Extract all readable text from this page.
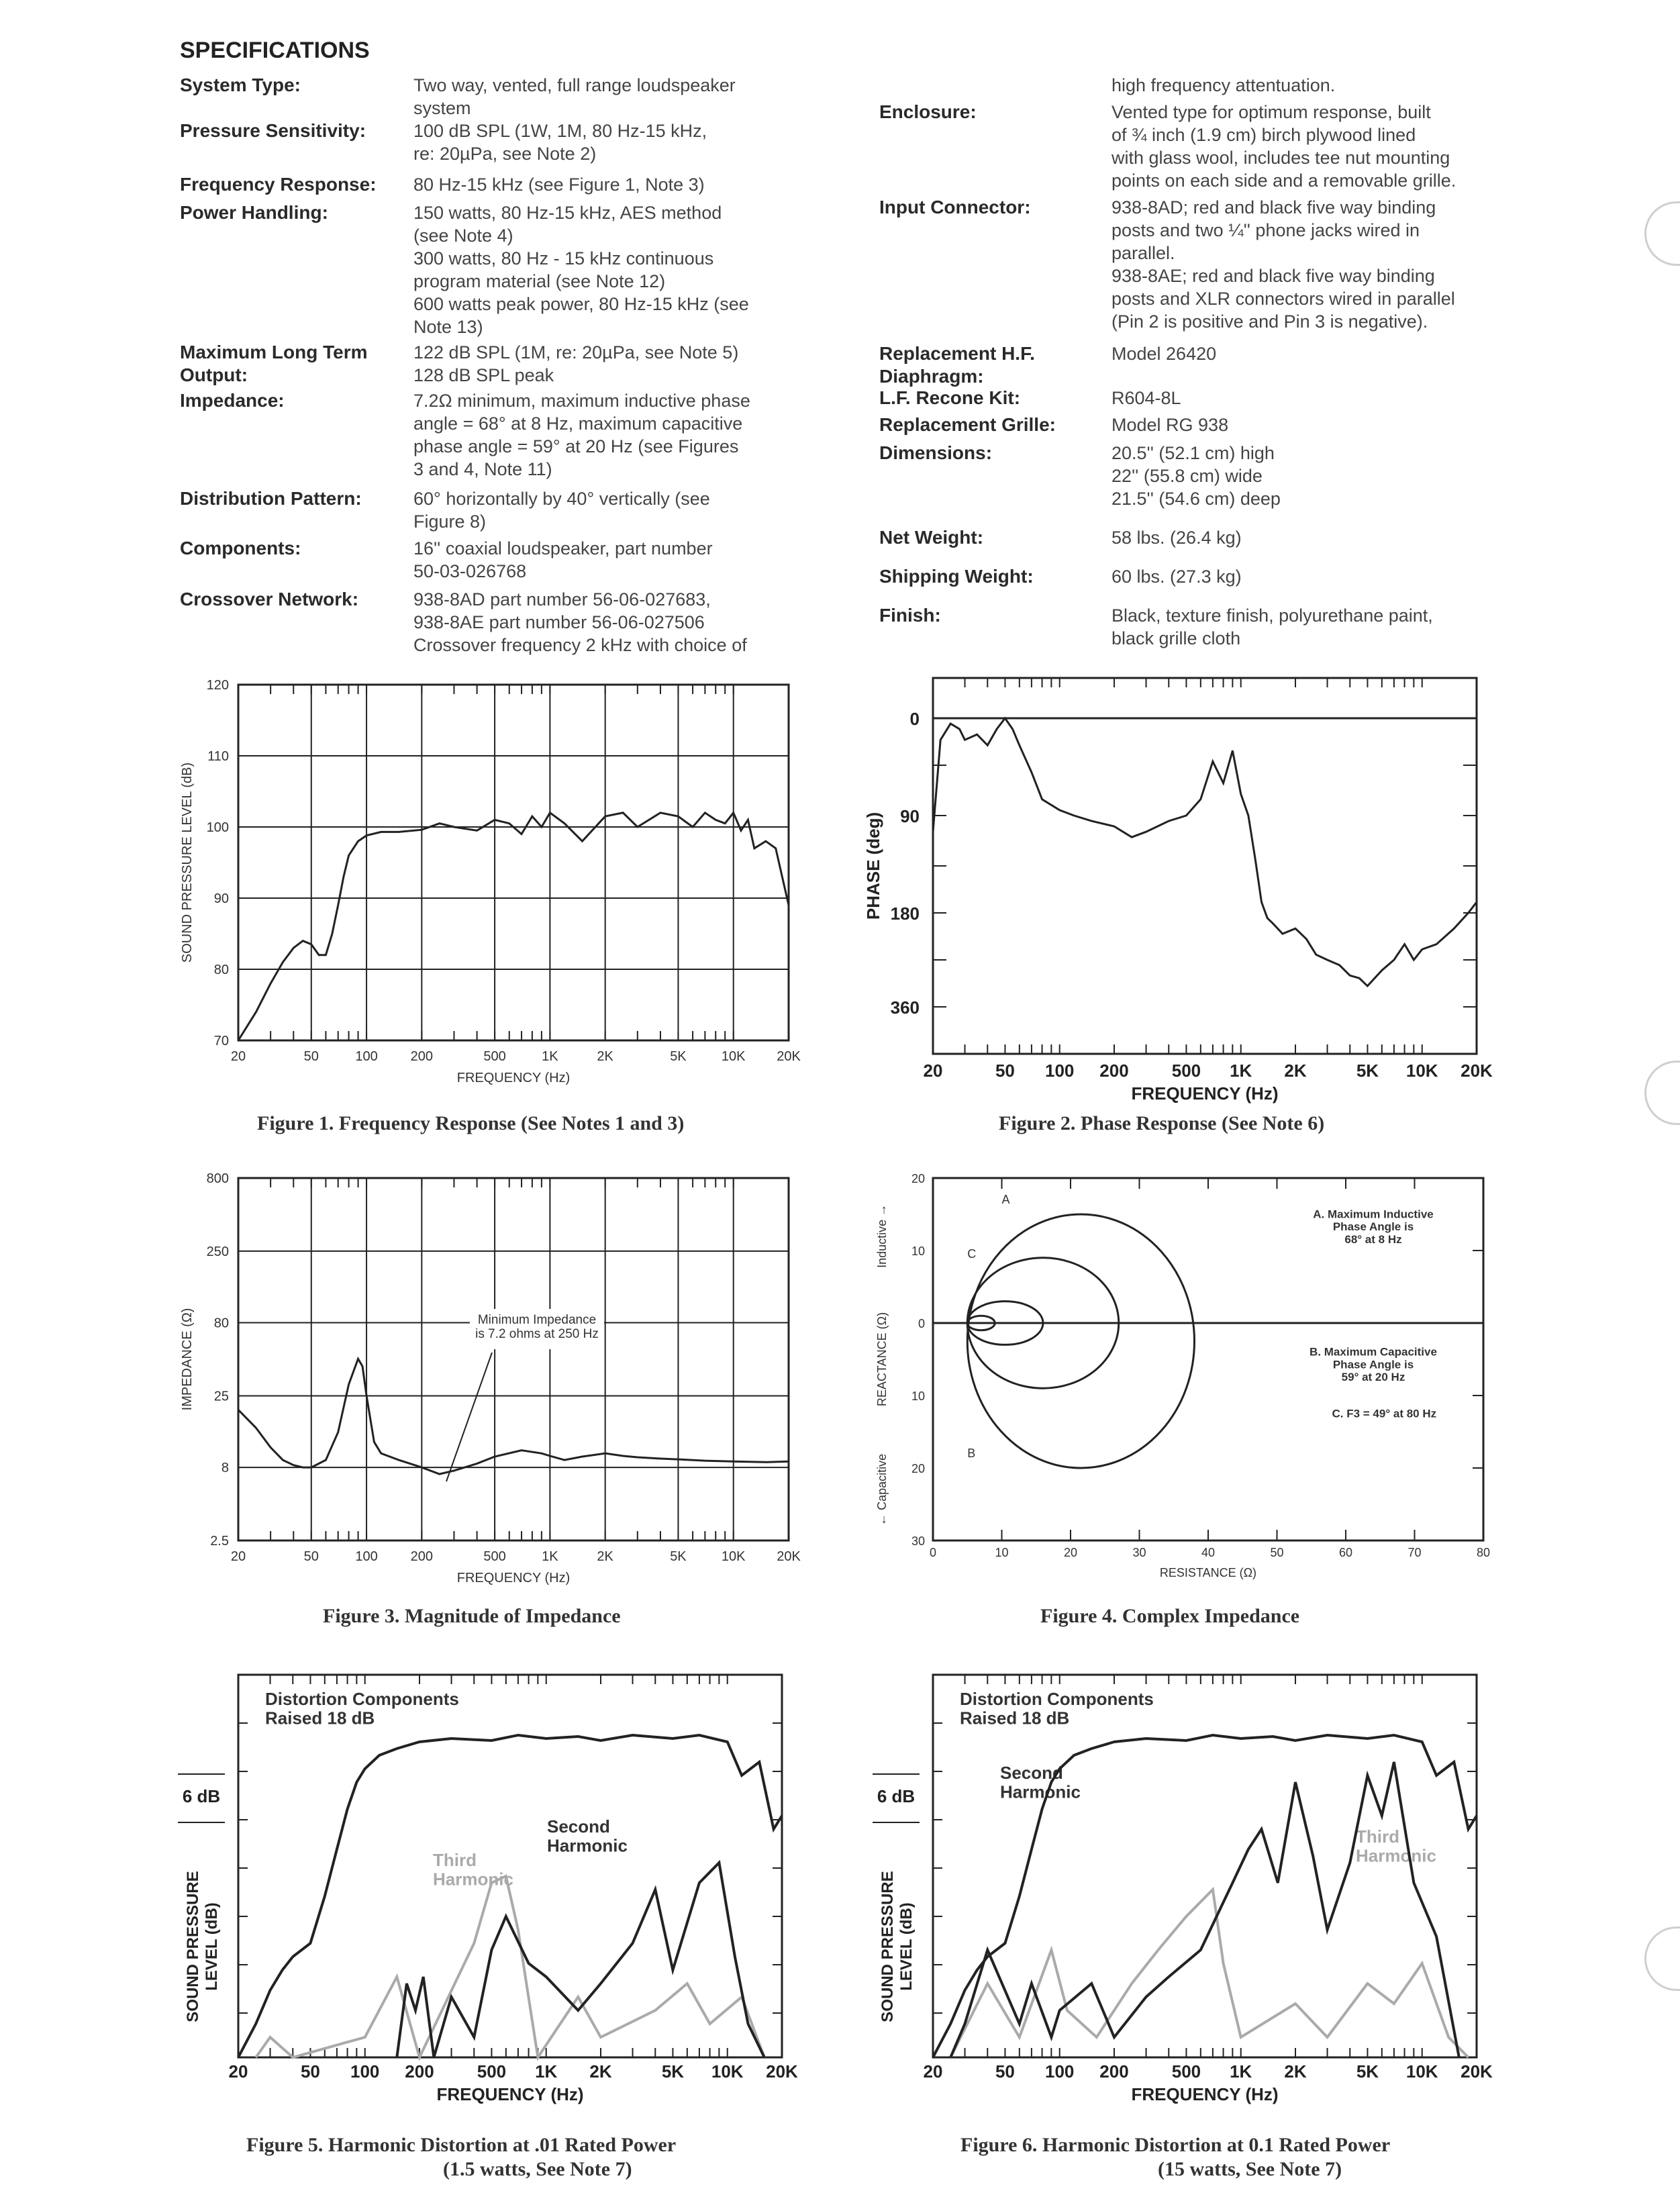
SPECIFICATIONS
System Type:	Two way, vented, full range loudspeaker
system
Pressure Sensitivity:	100 dB SPL (1W, 1M, 80 Hz-15 kHz,
re: 20µPa, see Note 2)
Frequency Response: 80 Hz-15 kHz (see Figure 1, Note 3)
Power Handling:	150 watts, 80 Hz-15 kHz, AES method
(see Note 4)
300 watts, 80 Hz - 15 kHz continuous
program material (see Note 12)
600 watts peak power, 80 Hz-15 kHz (see
Note 13)
Maximum Long Term
Output:
122 dB SPL (1M, re: 20µPa, see Note 5)
128 dB SPL peak
Impedance:	7.2Ω minimum, maximum inductive phase
angle = 68° at 8 Hz, maximum capacitive
phase angle = 59° at 20 Hz (see Figures
3 and 4, Note 11)
Distribution Pattern:	60° horizontally by 40° vertically (see
Figure 8)
Components:	16'' coaxial loudspeaker, part number
50-03-026768
Crossover Network:	938-8AD part number 56-06-027683,
938-8AE part number 56-06-027506
Crossover frequency 2 kHz with choice of
high frequency attentuation.
Enclosure:	Vented type for optimum response, built
of ¾ inch (1.9 cm) birch plywood lined
with glass wool, includes tee nut mounting
points on each side and a removable grille.
Input Connector:	938-8AD; red and black five way binding
posts and two ¼'' phone jacks wired in
parallel.
938-8AE; red and black five way binding
posts and XLR connectors wired in parallel
(Pin 2 is positive and Pin 3 is negative).
Replacement H.F.
Diaphragm:
Model 26420
L.F. Recone Kit:	R604-8L
Replacement Grille:	Model RG 938
Dimensions:	20.5'' (52.1 cm) high
22'' (55.8 cm) wide
21.5'' (54.6 cm) deep
Net Weight:	58 lbs. (26.4 kg)
Shipping Weight:	60 lbs. (27.3 kg)
Finish:	Black, texture finish, polyurethane paint,
black grille cloth
20	50	100 200	500	1K	2K	5K	10K 20K
120
110
100
90
80
70
FREQUENCY (Hz)
SOUND PRESSURE LEVEL (dB)
0
90
180
360
20	50 100 200 500 1K 2K	5K 10K 20K
FREQUENCY (Hz)
PHASE (deg)
20	50	100 200	500	1K	2K	5K	10K 20K
800
250
80
25
8
2.5
FREQUENCY (Hz)
IMPEDANCE (Ω)	Minimum Impedance
is 7.2 ohms at 250 Hz
20
10
0
10
20
30
0	10	20	30	40	50	60	70	80
RESISTANCE (Ω)
REACTANCE (Ω)
Inductive →
← Capacitive
A
B
C
A. Maximum Inductive
Phase Angle is
68° at 8 Hz
B. Maximum Capacitive
Phase Angle is
59° at 20 Hz
C. F3 = 49° at 80 Hz
20	50 100 200 500 1K 2K	5K 10K 20K
FREQUENCY (Hz)
SOUND PRESSURE LEVEL (dB)
6 dB
Distortion Components
Raised 18 dB
Second
Harmonic
Third
Harmonic
20	50 100 200 500 1K 2K	5K 10K 20K
FREQUENCY (Hz)
SOUND PRESSURE LEVEL (dB)
6 dB
Distortion Components
Raised 18 dB
Second
Harmonic
Third
Harmonic
Figure 1. Frequency Response (See Notes 1 and 3)	Figure 2. Phase Response (See Note 6)
Figure 3. Magnitude of Impedance	Figure 4. Complex Impedance
Figure 5. Harmonic Distortion at .01 Rated Power
(1.5 watts, See Note 7)
Figure 6. Harmonic Distortion at 0.1 Rated Power
(15 watts, See Note 7)
